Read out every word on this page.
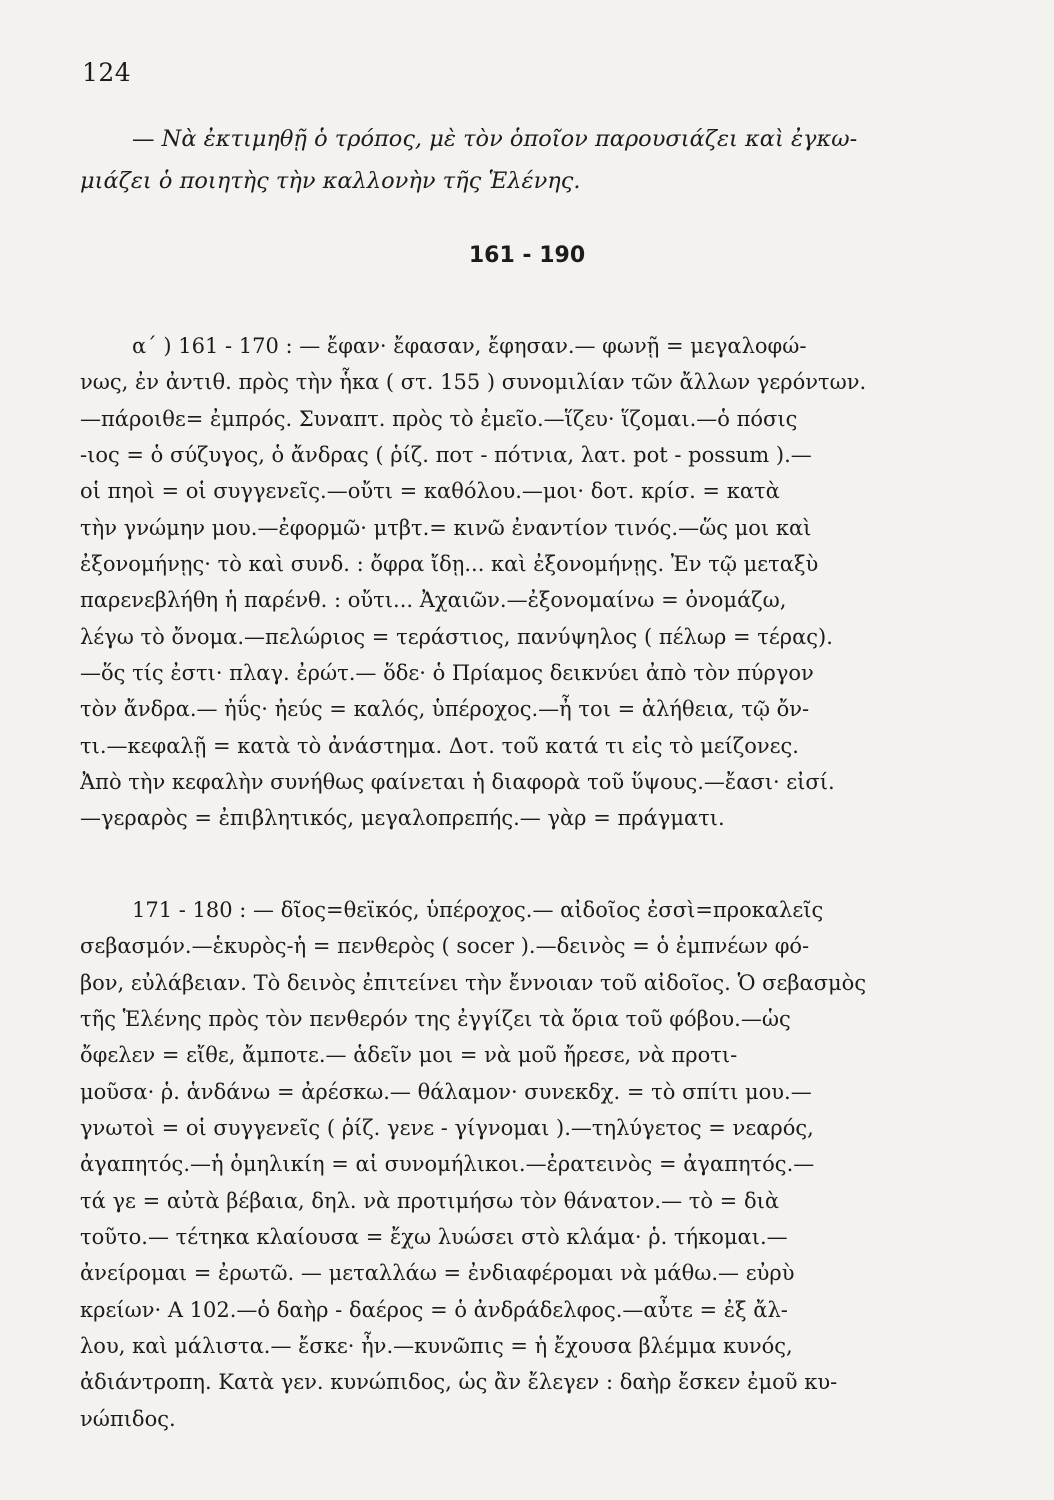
124
— Νὰ ἐκτιμηθῇ ὁ τρόπος, μὲ τὸν ὁποῖον παρουσιάζει καὶ ἐγκω-
μιάζει ὁ ποιητὴς τὴν καλλονὴν τῆς Ἑλένης.
161 - 190
α΄ ) 161 - 170 : — ἔφαν· ἔφασαν, ἔφησαν.— φωνῇ = μεγαλοφώ-
νως, ἐν ἀντιθ. πρὸς τὴν ἧκα ( στ. 155 ) συνομιλίαν τῶν ἄλλων γερόντων.
—πάροιθε= ἐμπρός. Συναπτ. πρὸς τὸ ἐμεῖο.—ἵζευ· ἵζομαι.—ὁ πόσις
-ιος = ὁ σύζυγος, ὁ ἄνδρας ( ῥίζ. ποτ - πότνια, λατ. pot - possum ).—
οἱ πηοὶ = οἱ συγγενεῖς.—οὔτι = καθόλου.—μοι· δοτ. κρίσ. = κατὰ
τὴν γνώμην μου.—ἐφορμῶ· μτβτ.= κινῶ ἐναντίον τινός.—ὥς μοι καὶ
ἐξονομήνῃς· τὸ καὶ συνδ. : ὄφρα ἴδῃ... καὶ ἐξονομήνῃς. Ἐν τῷ μεταξὺ
παρενεβλήθη ἡ παρένθ. : οὔτι... Ἀχαιῶν.—ἐξονομαίνω = ὀνομάζω,
λέγω τὸ ὄνομα.—πελώριος = τεράστιος, πανύψηλος ( πέλωρ = τέρας).
—ὅς τίς ἐστι· πλαγ. ἐρώτ.— ὅδε· ὁ Πρίαμος δεικνύει ἀπὸ τὸν πύργον
τὸν ἄνδρα.— ἠΰς· ἠεύς = καλός, ὑπέροχος.—ἦ τοι = ἀλήθεια, τῷ ὄν-
τι.—κεφαλῇ = κατὰ τὸ ἀνάστημα. Δοτ. τοῦ κατά τι εἰς τὸ μείζονες.
Ἀπὸ τὴν κεφαλὴν συνήθως φαίνεται ἡ διαφορὰ τοῦ ὕψους.—ἔασι· εἰσί.
—γεραρὸς = ἐπιβλητικός, μεγαλοπρεπής.— γὰρ = πράγματι.
171 - 180 : — δῖος=θεϊκός, ὑπέροχος.— αἰδοῖος ἐσσὶ=προκαλεῖς
σεβασμόν.—ἑκυρὸς-ἡ = πενθερὸς ( socer ).—δεινὸς = ὁ ἐμπνέων φό-
βον, εὐλάβειαν. Τὸ δεινὸς ἐπιτείνει τὴν ἔννοιαν τοῦ αἰδοῖος. Ὁ σεβασμὸς
τῆς Ἑλένης πρὸς τὸν πενθερόν της ἐγγίζει τὰ ὅρια τοῦ φόβου.—ὡς
ὄφελεν = εἴθε, ἄμποτε.— ἁδεῖν μοι = νὰ μοῦ ἤρεσε, νὰ προτι-
μοῦσα· ῥ. ἁνδάνω = ἀρέσκω.— θάλαμον· συνεκδχ. = τὸ σπίτι μου.—
γνωτοὶ = οἱ συγγενεῖς ( ῥίζ. γενε - γίγνομαι ).—τηλύγετος = νεαρός,
ἀγαπητός.—ἡ ὁμηλικίη = αἱ συνομήλικοι.—ἐρατεινὸς = ἀγαπητός.—
τά γε = αὐτὰ βέβαια, δηλ. νὰ προτιμήσω τὸν θάνατον.— τὸ = διὰ
τοῦτο.— τέτηκα κλαίουσα = ἔχω λυώσει στὸ κλάμα· ῥ. τήκομαι.—
ἀνείρομαι = ἐρωτῶ. — μεταλλάω = ἐνδιαφέρομαι νὰ μάθω.— εὐρὺ
κρείων· Α 102.—ὁ δαὴρ - δαέρος = ὁ ἀνδράδελφος.—αὖτε = ἐξ ἄλ-
λου, καὶ μάλιστα.— ἔσκε· ἦν.—κυνῶπις = ἡ ἔχουσα βλέμμα κυνός,
ἀδιάντροπη. Κατὰ γεν. κυνώπιδος, ὡς ἂν ἔλεγεν : δαὴρ ἔσκεν ἐμοῦ κυ-
νώπιδος.
